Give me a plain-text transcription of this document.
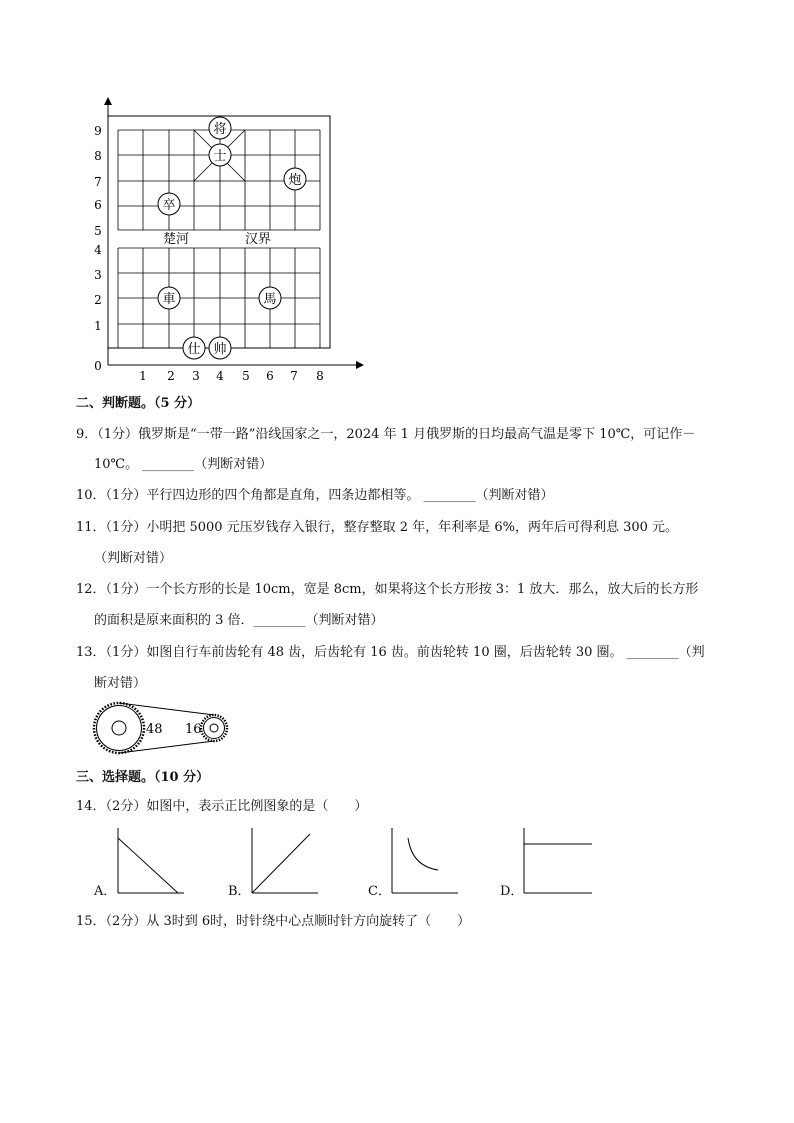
楚河	汉界
0
1
2
3
4
5
6
7
8
9
1 2 3 4 5 6 7 8
将
士
炮
卒
車	馬
仕 帅
二、判断题。（5 分）
9．（1分）俄罗斯是“一带一路”沿线国家之一，2024 年 1 月俄罗斯的日均最高气温是零下 10℃，可记作－
10℃。 ________（判断对错）
10．（1分）平行四边形的四个角都是直角，四条边都相等。 ________（判断对错）
11．（1分）小明把 5000 元压岁钱存入银行，整存整取 2 年，年利率是 6%，两年后可得利息 300 元。
（判断对错）
12．（1分）一个长方形的长是 10cm，宽是 8cm，如果将这个长方形按 3：1 放大．那么，放大后的长方形
的面积是原来面积的 3 倍．________（判断对错）
13．（1分）如图自行车前齿轮有 48 齿，后齿轮有 16 齿。前齿轮转 10 圈，后齿轮转 30 圈。 ________（判
断对错）
48 16
三、选择题。（10 分）
14．（2分）如图中，表示正比例图象的是（　　）
A．	B．	C．	D．
15．（2分）从 3时到 6时，时针绕中心点顺时针方向旋转了（　　）
